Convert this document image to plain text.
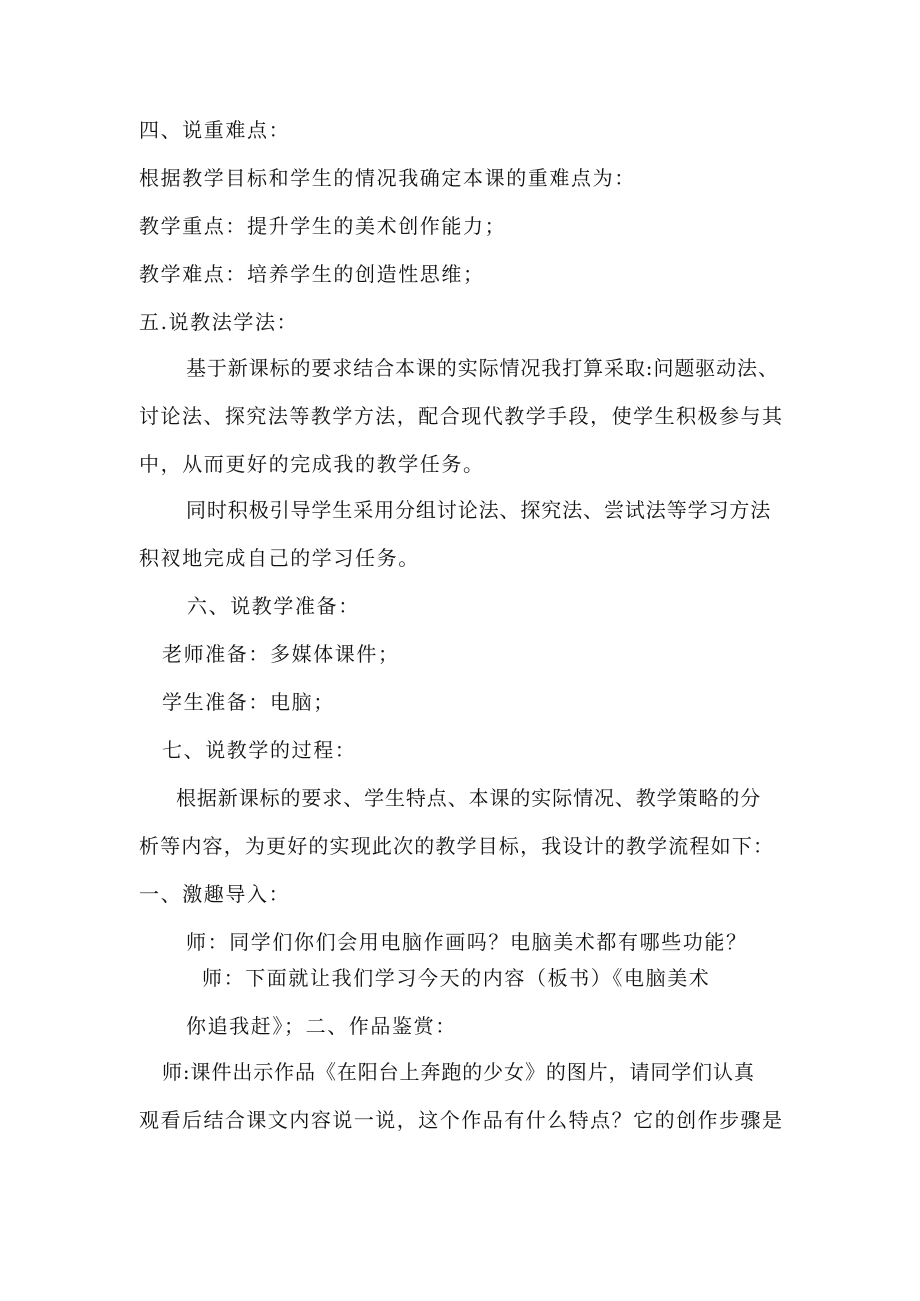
四、说重难点：
根据教学目标和学生的情况我确定本课的重难点为：
教学重点：提升学生的美术创作能力；
教学难点：培养学生的创造性思维；
五.说教法学法：
基于新课标的要求结合本课的实际情况我打算采取:问题驱动法、
讨论法、探究法等教学方法，配合现代教学手段，使学生积极参与其
中，从而更好的完成我的教学任务。
同时积极引导学生采用分组讨论法、探究法、尝试法等学习方法
积衩地完成自己的学习任务。
六、说教学准备：
老师准备：多媒体课件；
学生准备：电脑；
七、说教学的过程：
根据新课标的要求、学生特点、本课的实际情况、教学策略的分
析等内容，为更好的实现此次的教学目标，我设计的教学流程如下：
一、激趣导入：
师：同学们你们会用电脑作画吗？电脑美术都有哪些功能？
师：下面就让我们学习今天的内容（板书）《电脑美术
你追我赶》；二、作品鉴赏：
师:课件出示作品《在阳台上奔跑的少女》的图片，请同学们认真
观看后结合课文内容说一说，这个作品有什么特点？它的创作步骤是
